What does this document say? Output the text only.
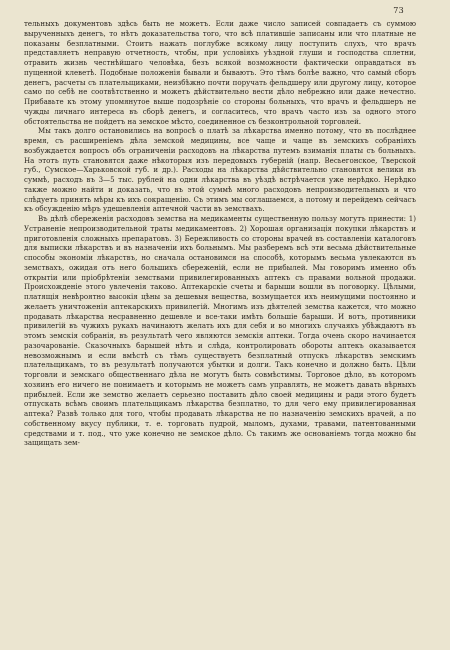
73

тельныхъ документовъ здѣсь быть не можетъ. Если даже число записей совпадаетъ съ суммою вырученныхъ денегъ, то нѣтъ доказательства того, что всѣ платившіе записаны или что платные не показаны безплатными. Стоитъ нажать поглубже всякому лицу поступить слухъ, что врачъ представляетъ неправую отчетность, чтобы, при условіяхъ уѣздной глуши и господства сплетни, отравить жизнь честнѣйшаго человѣка, безъ всякой возможности фактически оправдаться въ пущенной клеветѣ. Подобные положенія бывали и бываютъ. Это тѣмъ болѣе важно, что самый сборъ денегъ, расчеты съ плательщиками, неизбѣжно почти поручать фельдшеру или другому лицу, которое само по себѣ не соотвѣтственно и можетъ дѣйствительно вести дѣло небрежно или даже нечестно. Прибавьте къ этому упомянутое выше подозрѣніе со стороны больныхъ, что врачъ и фельдшеръ не чужды личнаго интереса въ сборѣ денегъ, и согласитесь, что врачъ часто изъ за одного этого обстоятельства не пойдетъ на земское мѣсто, соединенное съ безконтрольной торговлей.

Мы такъ долго остановились на вопросѣ о платѣ за лѣкарства именно потому, что въ послѣднее время, съ расширеніемъ дѣла земской медицины, все чаще и чаще въ земскихъ собраніяхъ возбуждается вопросъ объ ограниченіи расходовъ на лѣкарства путемъ взиманія платы съ больныхъ. На этотъ путь становятся даже нѣкоторыя изъ передовыхъ губерній (напр. Весьегонское, Тверской губ., Сумское—Харьковской губ. и др.). Расходы на лѣкарства дѣйствительно становятся велики въ суммѣ, расходъ въ 3—5 тыс. рублей на одни лѣкарства въ уѣздѣ встрѣчается уже нерѣдко. Нерѣдко также можно найти и доказать, что въ этой суммѣ много расходовъ непроизводительныхъ и что слѣдуетъ принять мѣры къ ихъ сокращенію. Съ этимъ мы соглашаемся, а потому и перейдемъ сейчасъ къ обсужденію мѣръ удешевленія аптечной части въ земствахъ.

Въ дѣлѣ сбереженія расходовъ земства на медикаменты существенную пользу могутъ принести: 1) Устраненіе непроизводительной траты медикаментовъ. 2) Хорошая организація покупки лѣкарствъ и приготовленія сложныхъ препаратовъ. 3) Бережливость со стороны врачей въ составленіи каталоговъ для выписки лѣкарствъ и въ назначеніи ихъ больнымъ. Мы разберемъ всѣ эти весьма дѣйствительные способы экономіи лѣкарствъ, но сначала остановимся на способѣ, которымъ весьма увлекаются въ земствахъ, ожидая отъ него большихъ сбереженій, если не прибылей. Мы говоримъ именно объ открытіи или пріобрѣтеніи земствами привилегированныхъ аптекъ съ правами вольной продажи. Происхожденіе этого увлеченія таково. Аптекарскіе счеты и барыши вошли въ поговорку. Цѣлыми, платящія невѣроятно высокія цѣны за дешевыя вещества, возмущается ихъ неимущими постоянно и желаетъ уничтоженія аптекарскихъ привилегій. Многимъ изъ дѣятелей земства кажется, что можно продавать лѣкарства несравненно дешевле и все-таки имѣть большіе барыши. И вотъ, противники привилегій въ чужихъ рукахъ начинаютъ желать ихъ для себя и во многихъ случаяхъ убѣждаютъ въ этомъ земскія собранія, въ результатѣ чего являются земскія аптеки. Тогда очень скоро начинается разочарованіе. Сказочныхъ барышей нѣтъ и слѣда, контролировать обороты аптекъ оказывается невозможнымъ и если вмѣстѣ съ тѣмъ существуетъ безплатный отпускъ лѣкарствъ земскимъ плательщикамъ, то въ результатѣ получаются убытки и долги. Такъ конечно и должно быть. Цѣли торговли и земскаго общественнаго дѣла не могутъ быть совмѣстимы. Торговое дѣло, въ которомъ хозяинъ его ничего не понимаетъ и которымъ не можетъ самъ управлять, не можетъ давать вѣрныхъ прибылей. Если же земство желаетъ серьезно поставить дѣло своей медицины и ради этого будетъ отпускать всѣмъ своимъ плательщикамъ лѣкарства безплатно, то для чего ему привилегированная аптека? Развѣ только для того, чтобы продавать лѣкарства не по назначенію земскихъ врачей, а по собственному вкусу публики, т. е. торговать пудрой, мыломъ, духами, травами, патентованными средствами и т. под., что уже конечно не земское дѣло. Съ такимъ же основаніемъ тогда можно бы защищать зем-
